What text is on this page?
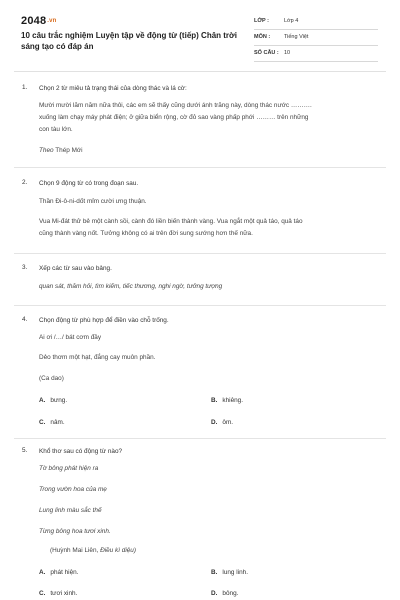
2048.vn
10 câu trắc nghiệm Luyện tập về động từ (tiếp) Chân trời sáng tạo có đáp án
LỚP :	Lớp 4
MÔN :	Tiếng Việt
SỐ CÂU : 10
1. Chọn 2 từ miêu tả trạng thái của dòng thác và lá cờ:
Mười mười lăm năm nữa thôi, các em sẽ thấy cũng dưới ánh trăng này, dòng thác nước ……….
xuống làm chạy máy phát điện; ở giữa biển rộng, cờ đỏ sao vàng phấp phới ……… trên những
con tàu lớn.
Theo Thép Mới
2. Chọn 9 động từ có trong đoạn sau.
Thần Đi-ô-ni-dốt mỉm cười ưng thuận.
Vua Mi-đát thử bẻ một cành sồi, cành đó liền biến thành vàng. Vua ngắt một quả táo, quả táo
cũng thành vàng nốt. Tưởng không có ai trên đời sung sướng hơn thế nữa.
3. Xếp các từ sau vào bảng.
quan sát, thăm hỏi, tìm kiếm, tiếc thương, nghi ngờ, tưởng tượng
4. Chọn động từ phù hợp để điền vào chỗ trống.
Ai ơi /…/ bát cơm đầy
Dẻo thơm một hạt, đắng cay muôn phần.
(Ca dao)
A. bưng.	B. khiêng.
C. nâm.	D. ôm.
5. Khổ thơ sau có động từ nào?
Tờ bông phát hiện ra
Trong vườn hoa của mẹ
Lung linh màu sắc thế
Từng bông hoa tươi xinh.
(Huỳnh Mai Liên, Điều kì diệu)
A. phát hiện.	B. lung linh.
C. tươi xinh.	D. bông.
